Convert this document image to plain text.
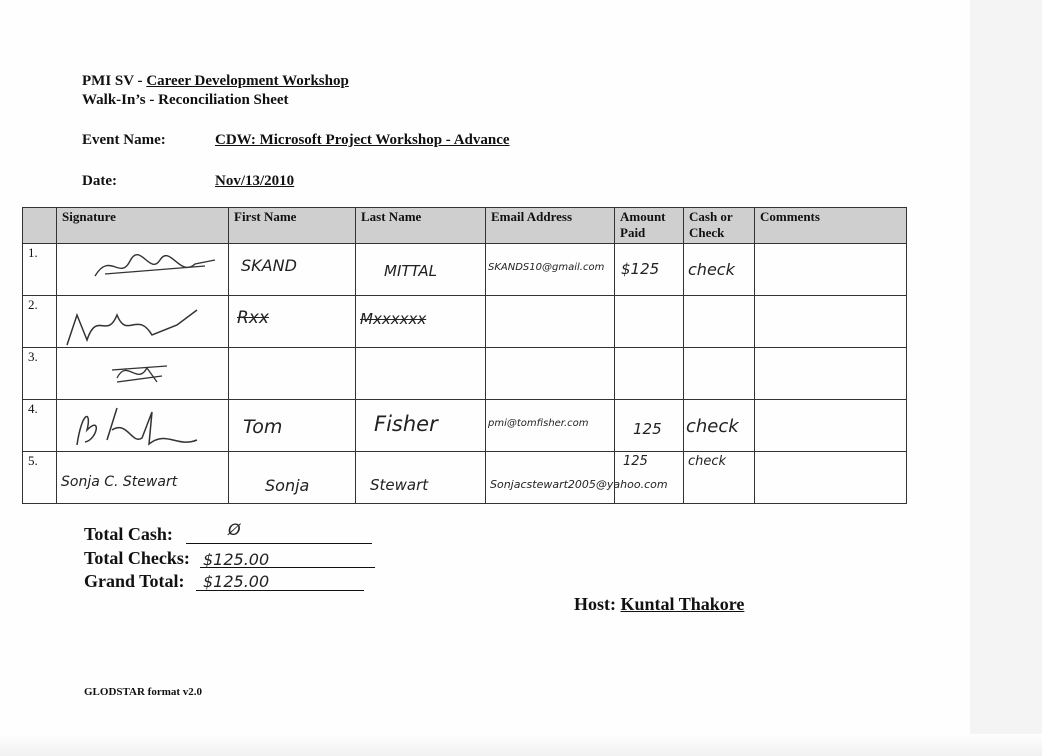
PMI SV - Career Development Workshop
Walk-In’s - Reconciliation Sheet
Event Name:	CDW: Microsoft Project Workshop - Advance
Date:	Nov/13/2010
	Signature	First Name	Last Name	Email Address	Amount Paid	Cash or Check	Comments
1.		SKAND	MITTAL	SKANDS10@gmail.com	$125	check	

2.		Rxx	Mxxxxxx				

3.	

4.		Tom	Fisher	pmi@tomfisher.com	125	check	

5.	Sonja C. Stewart	Sonja	Stewart	Sonjacstewart2005@yahoo.com	125	check	

Total Cash:	Ø
Total Checks: $125.00
Grand Total: $125.00
Host: Kuntal Thakore
GLODSTAR format v2.0
